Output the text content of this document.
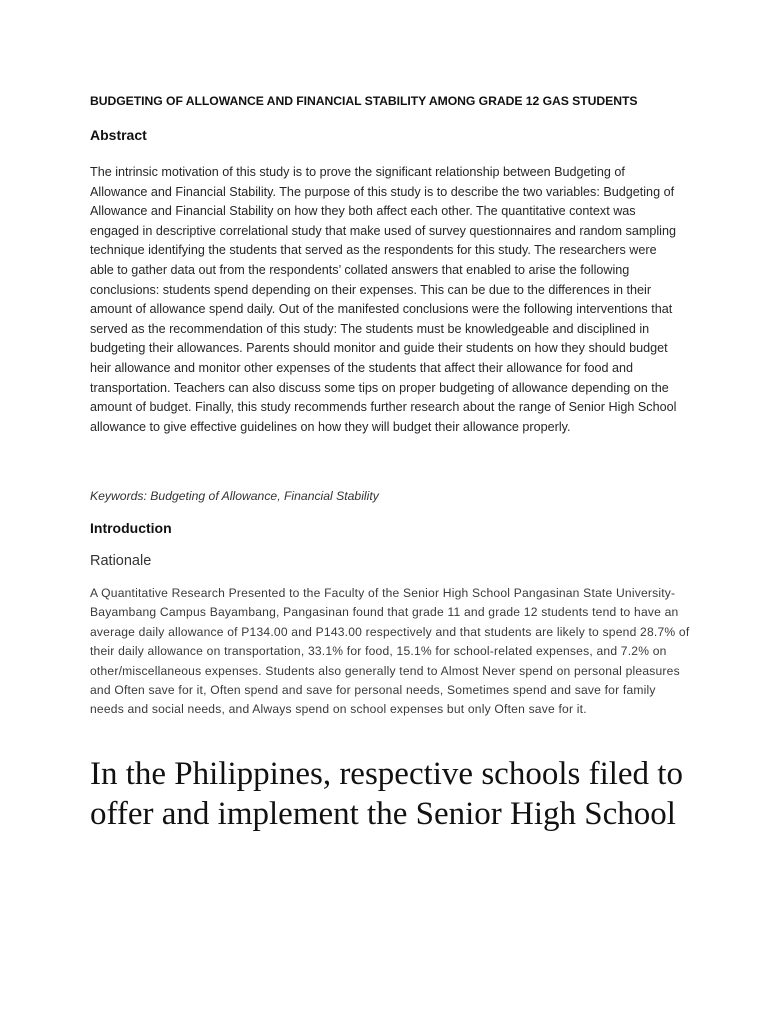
BUDGETING OF ALLOWANCE AND FINANCIAL STABILITY AMONG GRADE 12 GAS STUDENTS
Abstract
The intrinsic motivation of this study is to prove the significant relationship between Budgeting of Allowance and Financial Stability. The purpose of this study is to describe the two variables: Budgeting of Allowance and Financial Stability on how they both affect each other. The quantitative context was engaged in descriptive correlational study that make used of survey questionnaires and random sampling technique identifying the students that served as the respondents for this study. The researchers were able to gather data out from the respondents’ collated answers that enabled to arise the following conclusions: students spend depending on their expenses. This can be due to the differences in their amount of allowance spend daily. Out of the manifested conclusions were the following interventions that served as the recommendation of this study: The students must be knowledgeable and disciplined in budgeting their allowances. Parents should monitor and guide their students on how they should budget heir allowance and monitor other expenses of the students that affect their allowance for food and transportation. Teachers can also discuss some tips on proper budgeting of allowance depending on the amount of budget. Finally, this study recommends further research about the range of Senior High School allowance to give effective guidelines on how they will budget their allowance properly.
Keywords: Budgeting of Allowance, Financial Stability
Introduction
Rationale
A Quantitative Research Presented to the Faculty of the Senior High School Pangasinan State University-Bayambang Campus Bayambang, Pangasinan found that grade 11 and grade 12 students tend to have an average daily allowance of P134.00 and P143.00 respectively and that students are likely to spend 28.7% of their daily allowance on transportation, 33.1% for food, 15.1% for school-related expenses, and 7.2% on other/miscellaneous expenses. Students also generally tend to Almost Never spend on personal pleasures and Often save for it, Often spend and save for personal needs, Sometimes spend and save for family needs and social needs, and Always spend on school expenses but only Often save for it.
In the Philippines, respective schools filed to offer and implement the Senior High School
